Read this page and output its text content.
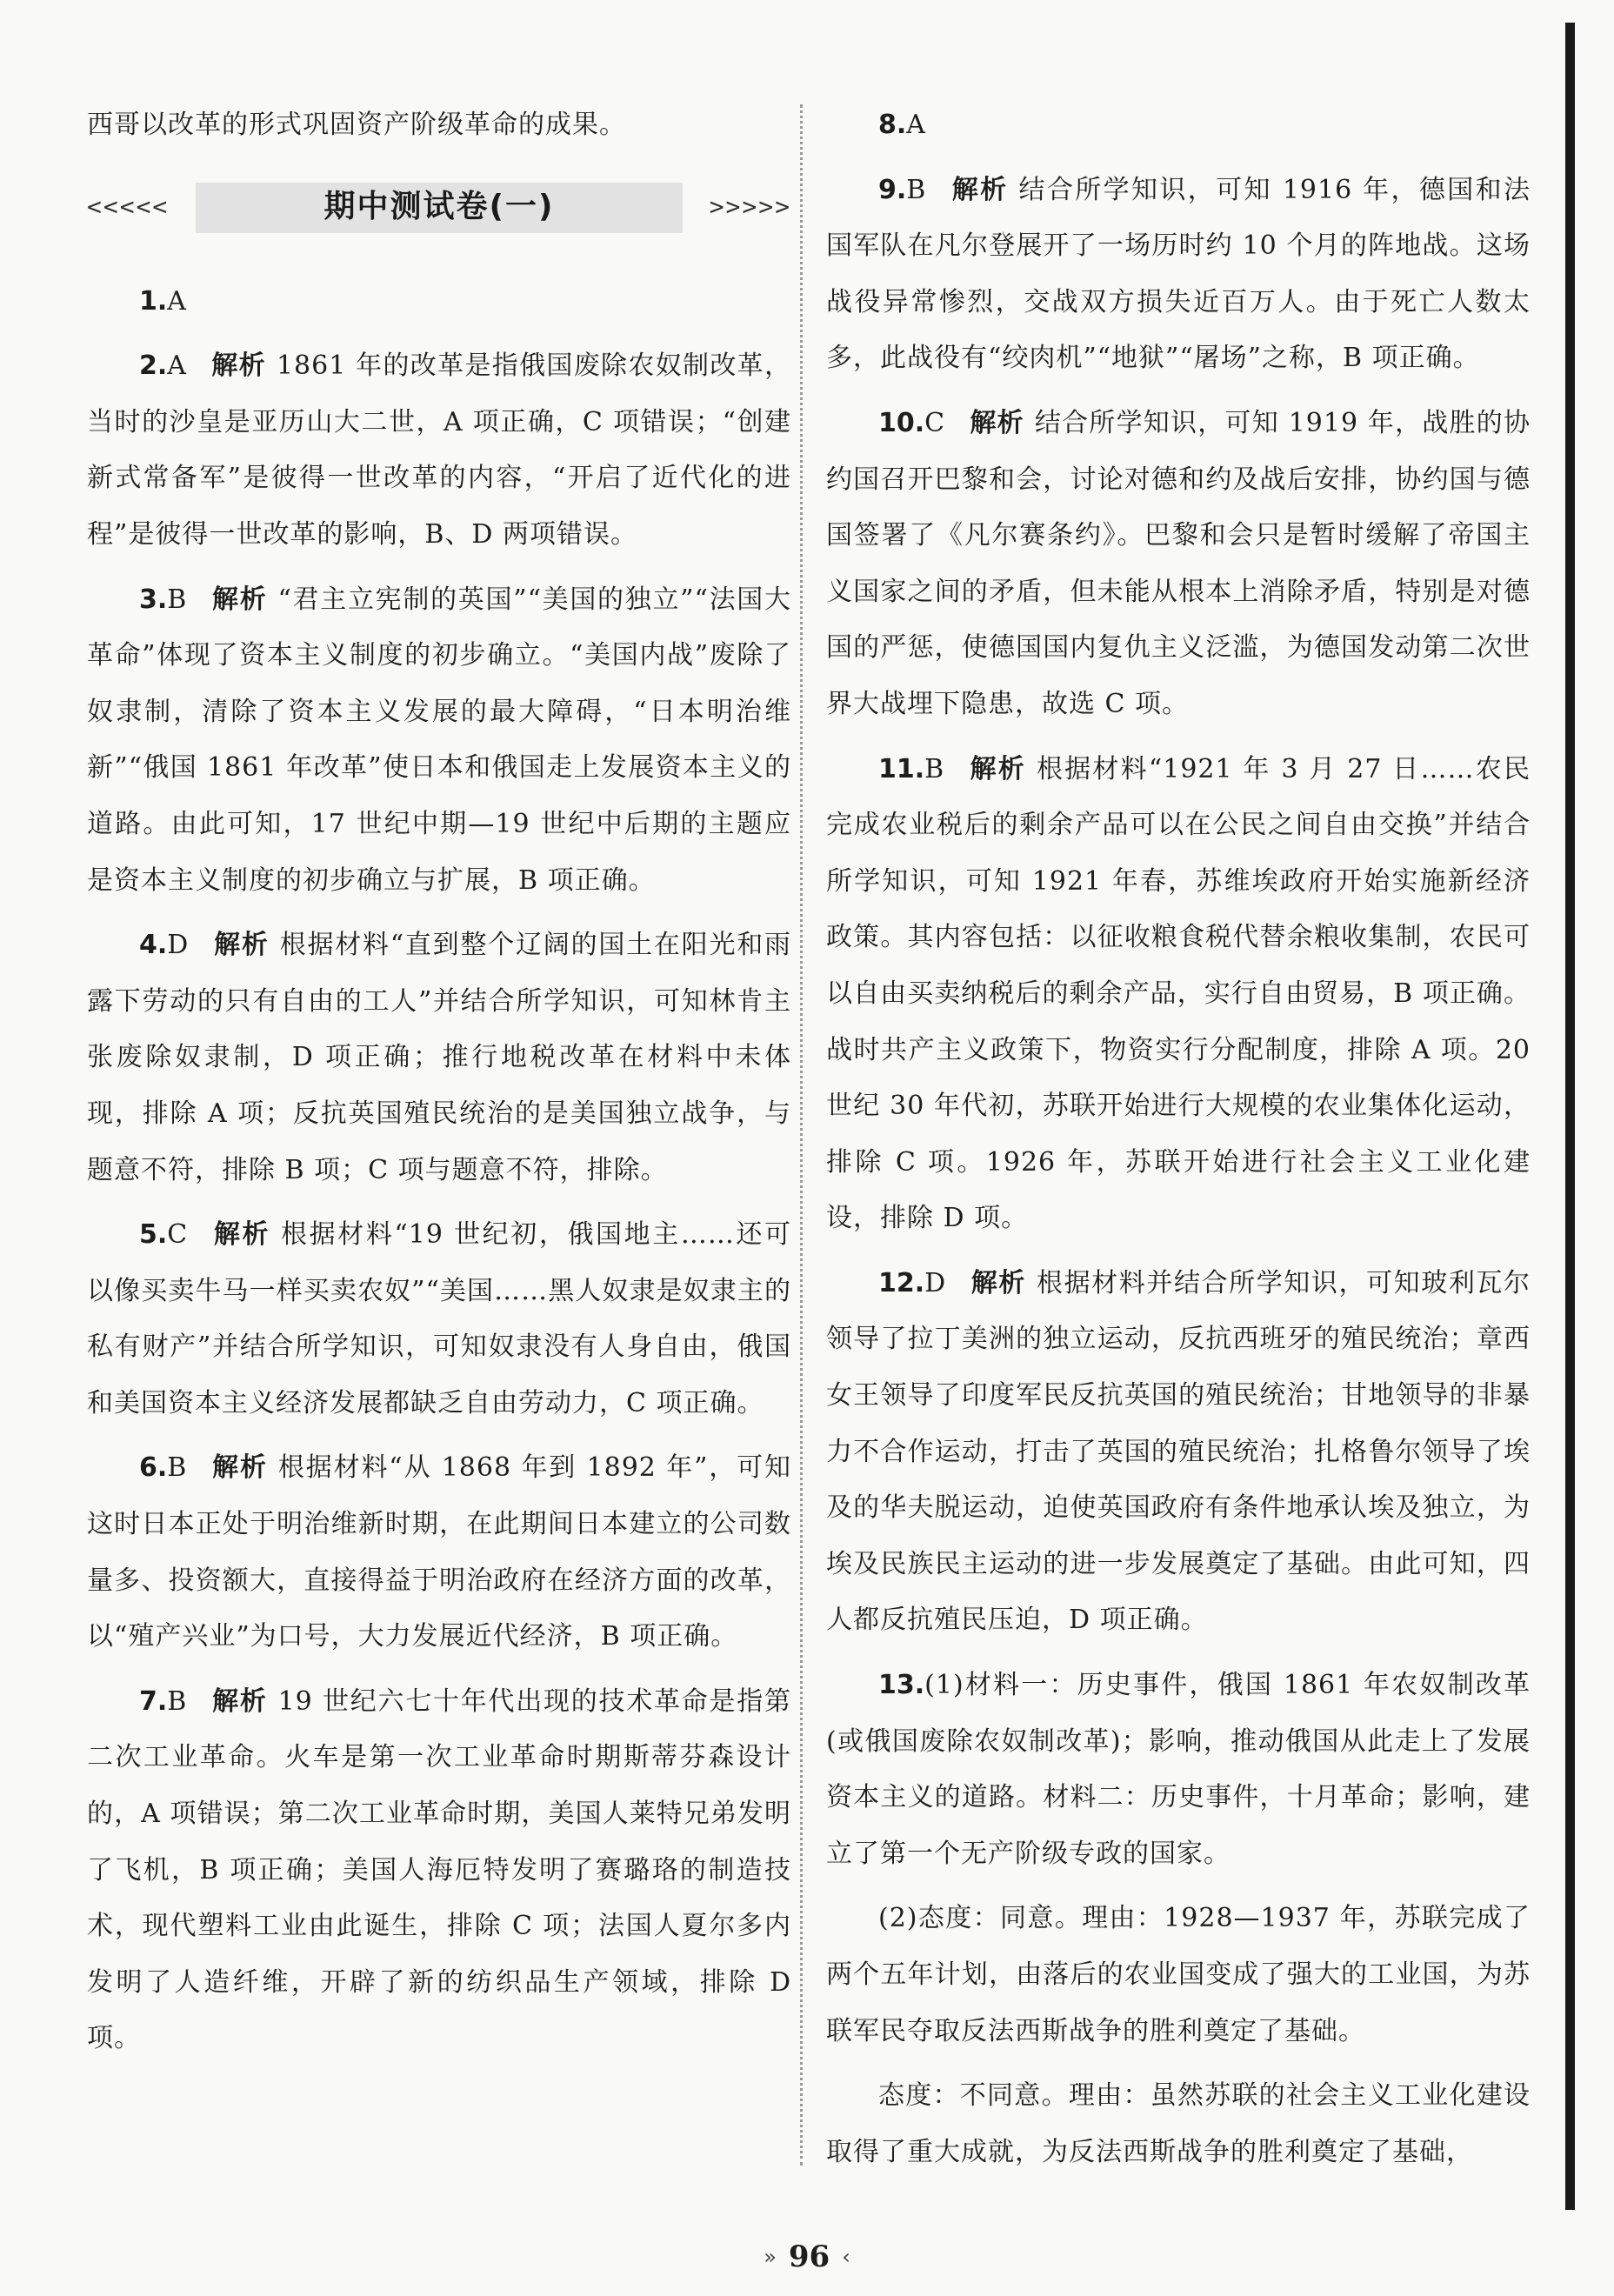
西哥以改革的形式巩固资产阶级革命的成果。

<<<<<	期中测试卷(一)	>>>>>

1.A

2.A 解析 1861 年的改革是指俄国废除农奴制改革，当时的沙皇是亚历山大二世，A 项正确，C 项错误；“创建新式常备军”是彼得一世改革的内容，“开启了近代化的进程”是彼得一世改革的影响，B、D 两项错误。

3.B 解析 “君主立宪制的英国”“美国的独立”“法国大革命”体现了资本主义制度的初步确立。“美国内战”废除了奴隶制，清除了资本主义发展的最大障碍，“日本明治维新”“俄国 1861 年改革”使日本和俄国走上发展资本主义的道路。由此可知，17 世纪中期—19 世纪中后期的主题应是资本主义制度的初步确立与扩展，B 项正确。

4.D 解析 根据材料“直到整个辽阔的国土在阳光和雨露下劳动的只有自由的工人”并结合所学知识，可知林肯主张废除奴隶制，D 项正确；推行地税改革在材料中未体现，排除 A 项；反抗英国殖民统治的是美国独立战争，与题意不符，排除 B 项；C 项与题意不符，排除。

5.C 解析 根据材料“19 世纪初，俄国地主……还可以像买卖牛马一样买卖农奴”“美国……黑人奴隶是奴隶主的私有财产”并结合所学知识，可知奴隶没有人身自由，俄国和美国资本主义经济发展都缺乏自由劳动力，C 项正确。

6.B 解析 根据材料“从 1868 年到 1892 年”，可知这时日本正处于明治维新时期，在此期间日本建立的公司数量多、投资额大，直接得益于明治政府在经济方面的改革，以“殖产兴业”为口号，大力发展近代经济，B 项正确。

7.B 解析 19 世纪六七十年代出现的技术革命是指第二次工业革命。火车是第一次工业革命时期斯蒂芬森设计的，A 项错误；第二次工业革命时期，美国人莱特兄弟发明了飞机，B 项正确；美国人海厄特发明了赛璐珞的制造技术，现代塑料工业由此诞生，排除 C 项；法国人夏尔多内发明了人造纤维，开辟了新的纺织品生产领域，排除 D 项。

8.A

9.B 解析 结合所学知识，可知 1916 年，德国和法国军队在凡尔登展开了一场历时约 10 个月的阵地战。这场战役异常惨烈，交战双方损失近百万人。由于死亡人数太多，此战役有“绞肉机”“地狱”“屠场”之称，B 项正确。

10.C 解析 结合所学知识，可知 1919 年，战胜的协约国召开巴黎和会，讨论对德和约及战后安排，协约国与德国签署了《凡尔赛条约》。巴黎和会只是暂时缓解了帝国主义国家之间的矛盾，但未能从根本上消除矛盾，特别是对德国的严惩，使德国国内复仇主义泛滥，为德国发动第二次世界大战埋下隐患，故选 C 项。

11.B 解析 根据材料“1921 年 3 月 27 日……农民完成农业税后的剩余产品可以在公民之间自由交换”并结合所学知识，可知 1921 年春，苏维埃政府开始实施新经济政策。其内容包括：以征收粮食税代替余粮收集制，农民可以自由买卖纳税后的剩余产品，实行自由贸易，B 项正确。战时共产主义政策下，物资实行分配制度，排除 A 项。20 世纪 30 年代初，苏联开始进行大规模的农业集体化运动，排除 C 项。1926 年，苏联开始进行社会主义工业化建设，排除 D 项。

12.D 解析 根据材料并结合所学知识，可知玻利瓦尔领导了拉丁美洲的独立运动，反抗西班牙的殖民统治；章西女王领导了印度军民反抗英国的殖民统治；甘地领导的非暴力不合作运动，打击了英国的殖民统治；扎格鲁尔领导了埃及的华夫脱运动，迫使英国政府有条件地承认埃及独立，为埃及民族民主运动的进一步发展奠定了基础。由此可知，四人都反抗殖民压迫，D 项正确。

13.(1)材料一：历史事件，俄国 1861 年农奴制改革(或俄国废除农奴制改革)；影响，推动俄国从此走上了发展资本主义的道路。材料二：历史事件，十月革命；影响，建立了第一个无产阶级专政的国家。

(2)态度：同意。理由：1928—1937 年，苏联完成了两个五年计划，由落后的农业国变成了强大的工业国，为苏联军民夺取反法西斯战争的胜利奠定了基础。

态度：不同意。理由：虽然苏联的社会主义工业化建设取得了重大成就，为反法西斯战争的胜利奠定了基础，

» 96 ‹
